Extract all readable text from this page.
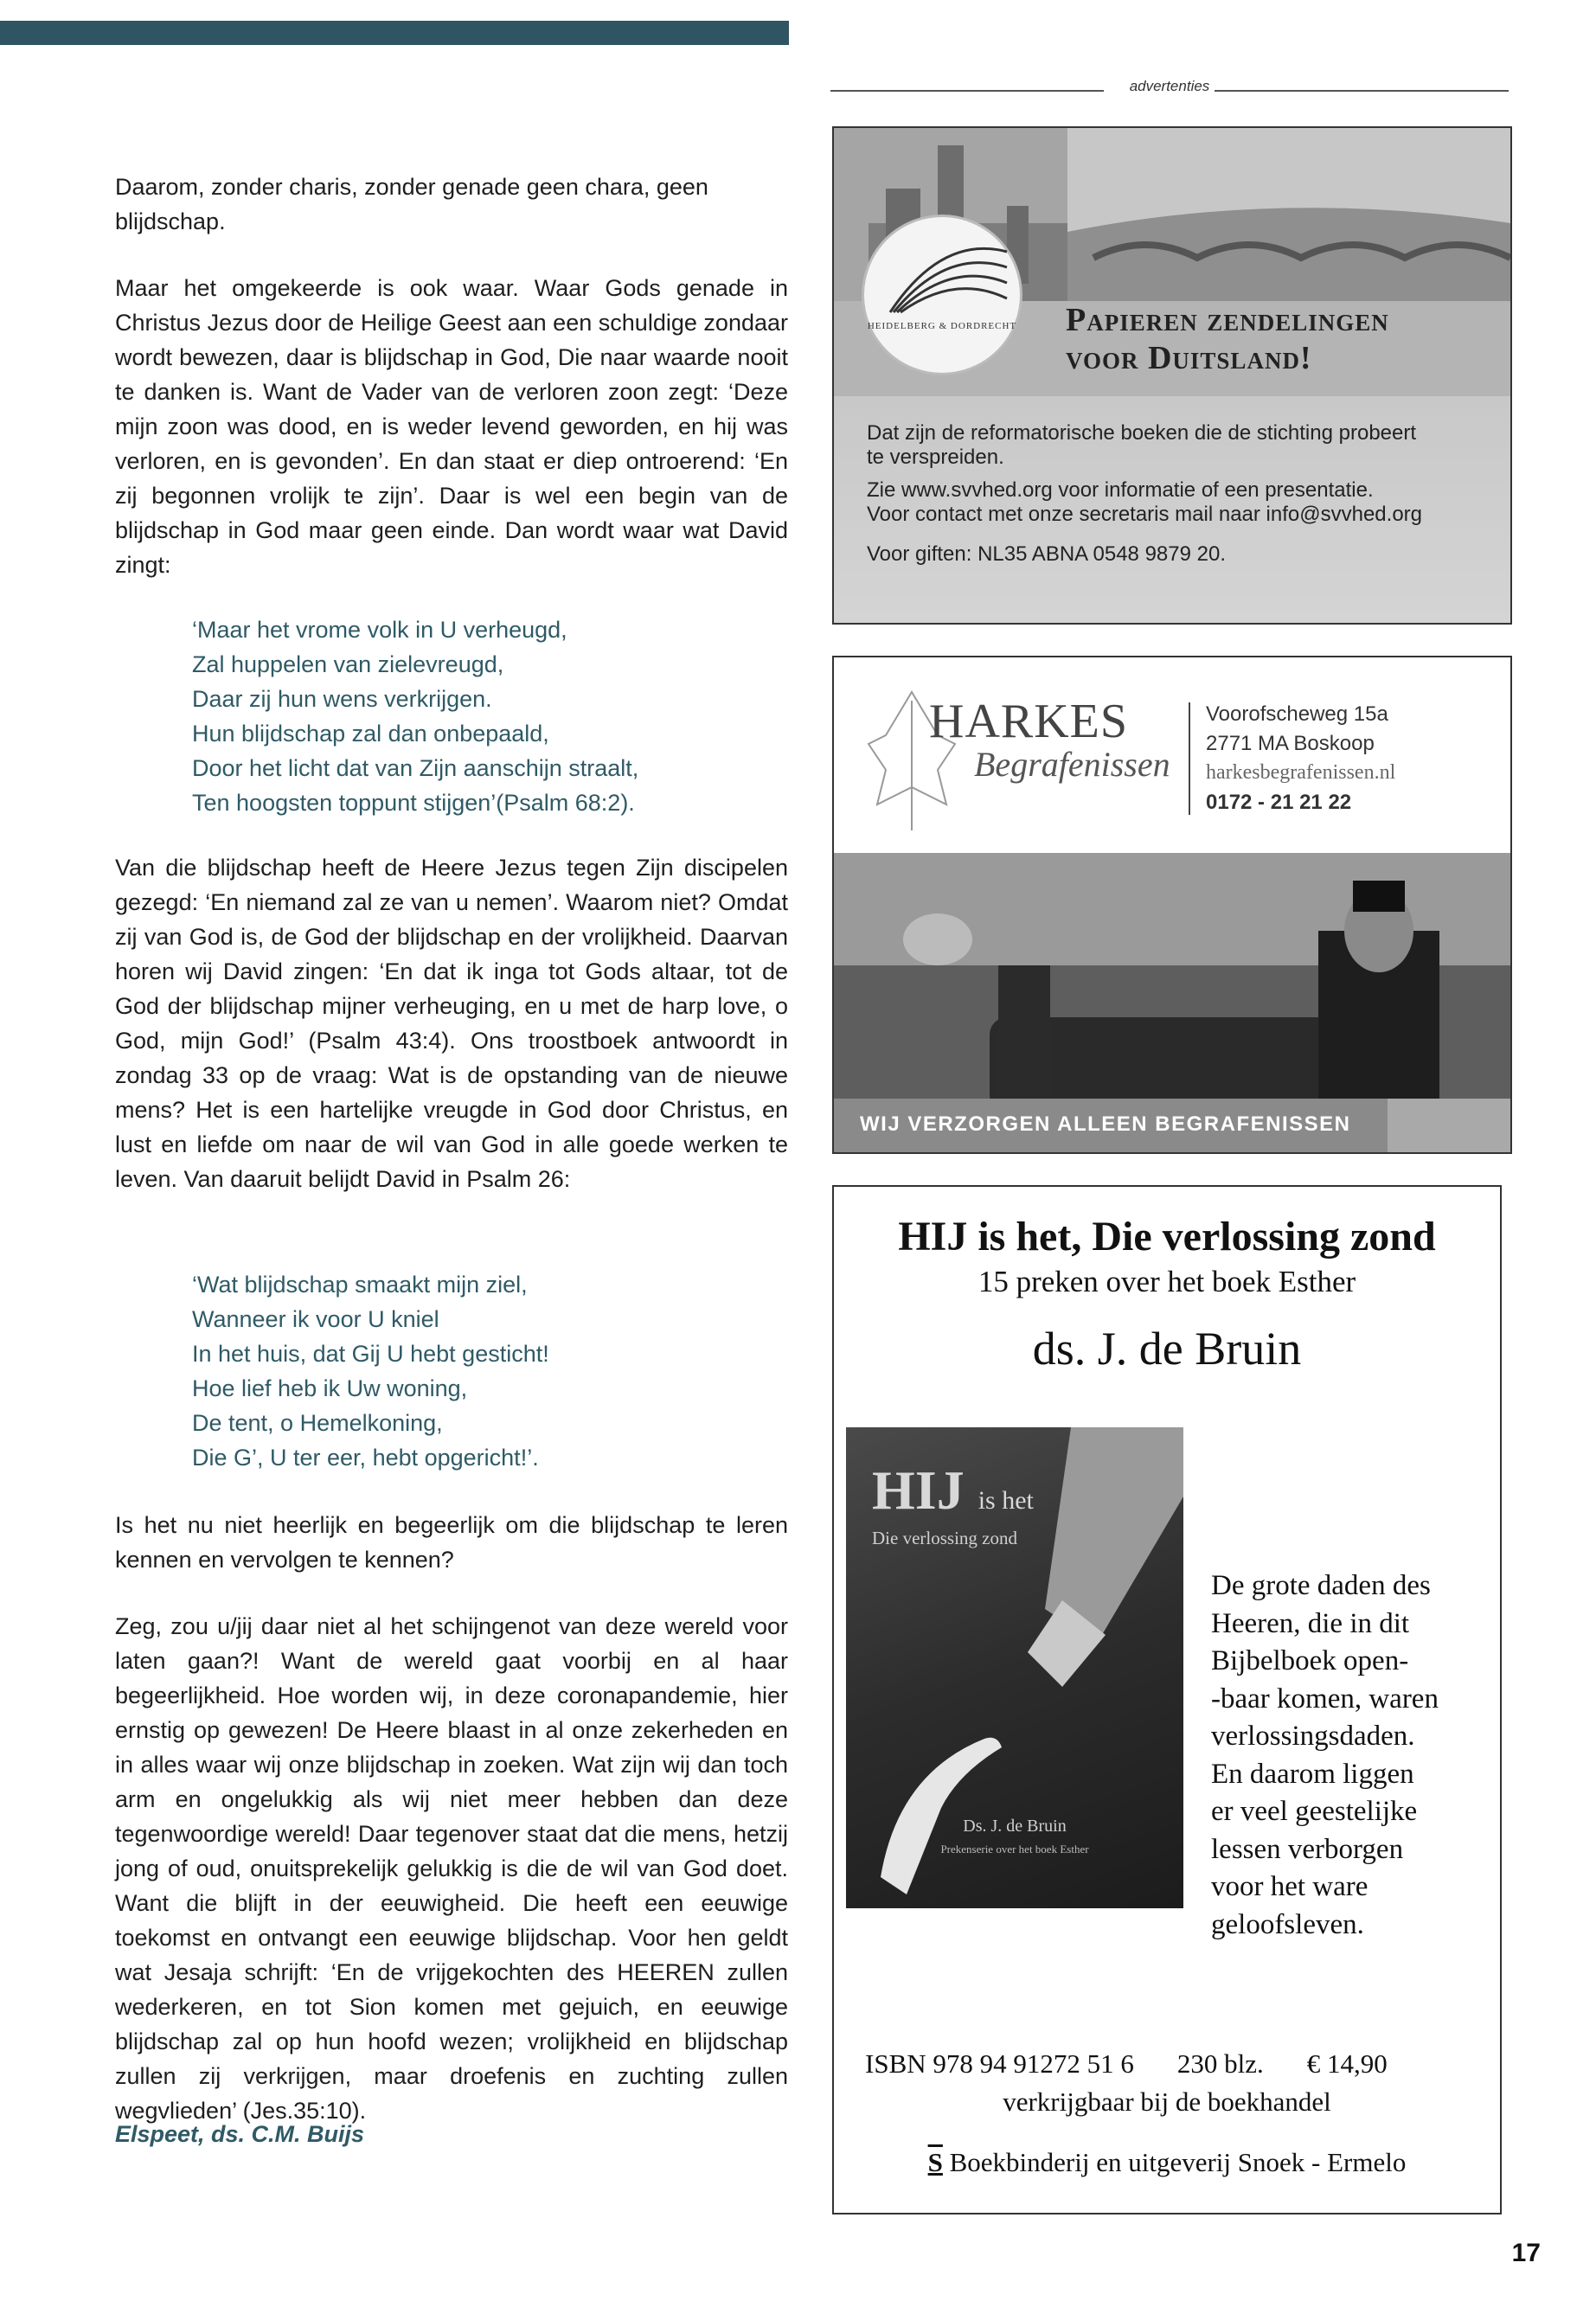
advertenties

Daarom, zonder charis, zonder genade geen chara, geen blijdschap.

Maar het omgekeerde is ook waar. Waar Gods genade in Christus Jezus door de Heilige Geest aan een schuldige zondaar wordt bewezen, daar is blijdschap in God, Die naar waarde nooit te danken is. Want de Vader van de verloren zoon zegt: ‘Deze mijn zoon was dood, en is weder levend geworden, en hij was verloren, en is gevonden’. En dan staat er diep ontroerend: ‘En zij begonnen vrolijk te zijn’. Daar is wel een begin van de blijdschap in God maar geen einde. Dan wordt waar wat David zingt:

‘Maar het vrome volk in U verheugd,
Zal huppelen van zielevreugd,
Daar zij hun wens verkrijgen.
Hun blijdschap zal dan onbepaald,
Door het licht dat van Zijn aanschijn straalt,
Ten hoogsten toppunt stijgen’(Psalm 68:2).

Van die blijdschap heeft de Heere Jezus tegen Zijn discipelen gezegd: ‘En niemand zal ze van u nemen’. Waarom niet? Omdat zij van God is, de God der blijdschap en der vrolijkheid. Daarvan horen wij David zingen: ‘En dat ik inga tot Gods altaar, tot de God der blijdschap mijner verheuging, en u met de harp love, o God, mijn God!’ (Psalm 43:4). Ons troostboek antwoordt in zondag 33 op de vraag: Wat is de opstanding van de nieuwe mens? Het is een hartelijke vreugde in God door Christus, en lust en liefde om naar de wil van God in alle goede werken te leven. Van daaruit belijdt David in Psalm 26:

‘Wat blijdschap smaakt mijn ziel,
Wanneer ik voor U kniel
In het huis, dat Gij U hebt gesticht!
Hoe lief heb ik Uw woning,
De tent, o Hemelkoning,
Die G’, U ter eer, hebt opgericht!’.

Is het nu niet heerlijk en begeerlijk om die blijdschap te leren kennen en vervolgen te kennen?

Zeg, zou u/jij daar niet al het schijngenot van deze wereld voor laten gaan?! Want de wereld gaat voorbij en al haar begeerlijkheid. Hoe worden wij, in deze coronapandemie, hier ernstig op gewezen! De Heere blaast in al onze zekerheden en in alles waar wij onze blijdschap in zoeken. Wat zijn wij dan toch arm en ongelukkig als wij niet meer hebben dan deze tegenwoordige wereld! Daar tegenover staat dat die mens, hetzij jong of oud, onuitsprekelijk gelukkig is die de wil van God doet. Want die blijft in der eeuwigheid. Die heeft een eeuwige toekomst en ontvangt een eeuwige blijdschap. Voor hen geldt wat Jesaja schrijft: ‘En de vrijgekochten des HEEREN zullen wederkeren, en tot Sion komen met gejuich, en eeuwige blijdschap zal op hun hoofd wezen; vrolijkheid en blijdschap zullen zij verkrijgen, maar droefenis en zuchting zullen wegvlieden’ (Jes.35:10).

Elspeet, ds. C.M. Buijs
HEIDELBERG & DORDRECHT Papieren zendelingen
voor Duitsland!
Dat zijn de reformatorische boeken die de stichting probeert
te verspreiden.
Zie www.svvhed.org voor informatie of een presentatie.
Voor contact met onze secretaris mail naar info@svvhed.org
Voor giften: NL35 ABNA 0548 9879 20.
HARKES
Begrafenissen
Voorofscheweg 15a
2771 MA Boskoop
harkesbegrafenissen.nl
0172 - 21 21 22
WIJ VERZORGEN ALLEEN BEGRAFENISSEN
HIJ is het, Die verlossing zond
15 preken over het boek Esther
ds. J. de Bruin
HIJ is het
Die verlossing zond
Ds. J. de Bruin
Prekenserie over het boek Esther
De grote daden des
Heeren, die in dit
Bijbelboek open-
-baar komen, waren
verlossingsdaden.
En daarom liggen
er veel geestelijke
lessen verborgen
voor het ware
geloofsleven.
ISBN 978 94 91272 51 6 230 blz. € 14,90
verkrijgbaar bij de boekhandel
S Boekbinderij en uitgeverij Snoek - Ermelo
17
